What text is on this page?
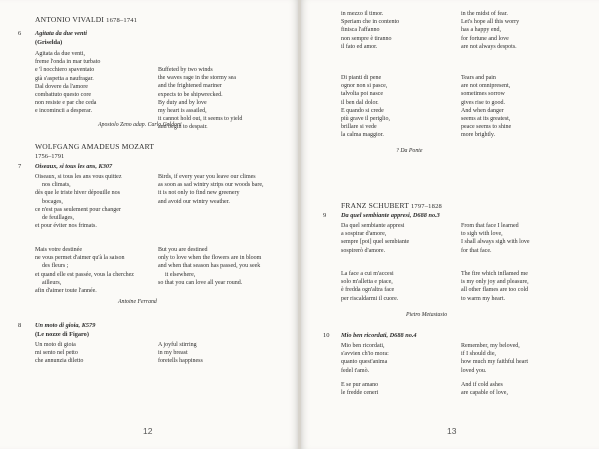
ANTONIO VIVALDI 1678–1741
6 Agitata da due venti
(Griselda)
Agitata da due venti,
freme l'onda in mar turbato
e 'l nocchiero spaventato
già s'aspetta a naufragar.
Dal dovere da l'amore
combattuto questo core
non resiste e par che ceda
e incomincii a desperar.
Buffeted by two winds
the waves rage in the stormy sea
and the frightened mariner
expects to be shipwrecked.
By duty and by love
my heart is assailed,
it cannot hold out, it seems to yield
and begin to despair.
Apostolo Zeno adap. Carlo Goldoni
WOLFGANG AMADEUS MOZART
1756–1791
7 Oiseaux, si tous les ans, K307
Oiseaux, si tous les ans vous quittez
nos climats,
dès que le triste hiver dépouille nos
bocages,
ce n'est pas seulement pour changer
de feuillages,
et pour éviter nos frimats.
Birds, if every year you leave our climes
as soon as sad wintry strips our woods bare,
it is not only to find new greenery
and avoid our wintry weather.
Mais votre destinée
ne vous permet d'aimer qu'à la saison
des fleurs ;
et quand elle est passée, vous la cherchez
ailleurs,
afin d'aimer toute l'année.
But you are destined
only to love when the flowers are in bloom
and when that season has passed, you seek
it elsewhere,
so that you can love all year round.
Antoine Ferrand
8 Un moto di gioia, K579
(Le nozze di Figaro)
Un moto di gioia
mi sento nel petto
che annunzia diletto
A joyful stirring
in my breast
foretells happiness
12
in mezzo il timor.
Speriam che in contento
finisca l'affanno
non sempre è tiranno
il fato ed amor.
in the midst of fear.
Let's hope all this worry
has a happy end,
for fortune and love
are not always despots.
Di pianti di pene
ognor non si pasce,
talvolta poi nasce
il ben dal dolor.
E quando si crede
più grave il periglio,
brillare si vede
la calma maggior.
Tears and pain
are not omnipresent,
sometimes sorrow
gives rise to good.
And when danger
seems at its greatest,
peace seems to shine
more brightly.
? Da Ponte
FRANZ SCHUBERT 1797–1828
9 Da quel sembiante appresi, D688 no.3
Da quel sembiante appresi
a sospirar d'amore,
sempre [poi] quel sembiante
sospirerò d'amore.
From that face I learned
to sigh with love,
I shall always sigh with love
for that face.
La face a cui m'accesi
solo m'alletta e piace,
è fredda ogn'altra face
per riscaldarmi il cuore.
The fire which inflamed me
is my only joy and pleasure,
all other flames are too cold
to warm my heart.
Pietro Metastasio
10 Mio ben ricordati, D688 no.4
Mio ben ricordati,
s'avvien ch'io mora:
quanto quest'anima
fedel t'amò.
Remember, my beloved,
if I should die,
how much my faithful heart
loved you.
E se pur amano
le fredde ceneri
And if cold ashes
are capable of love,
13
